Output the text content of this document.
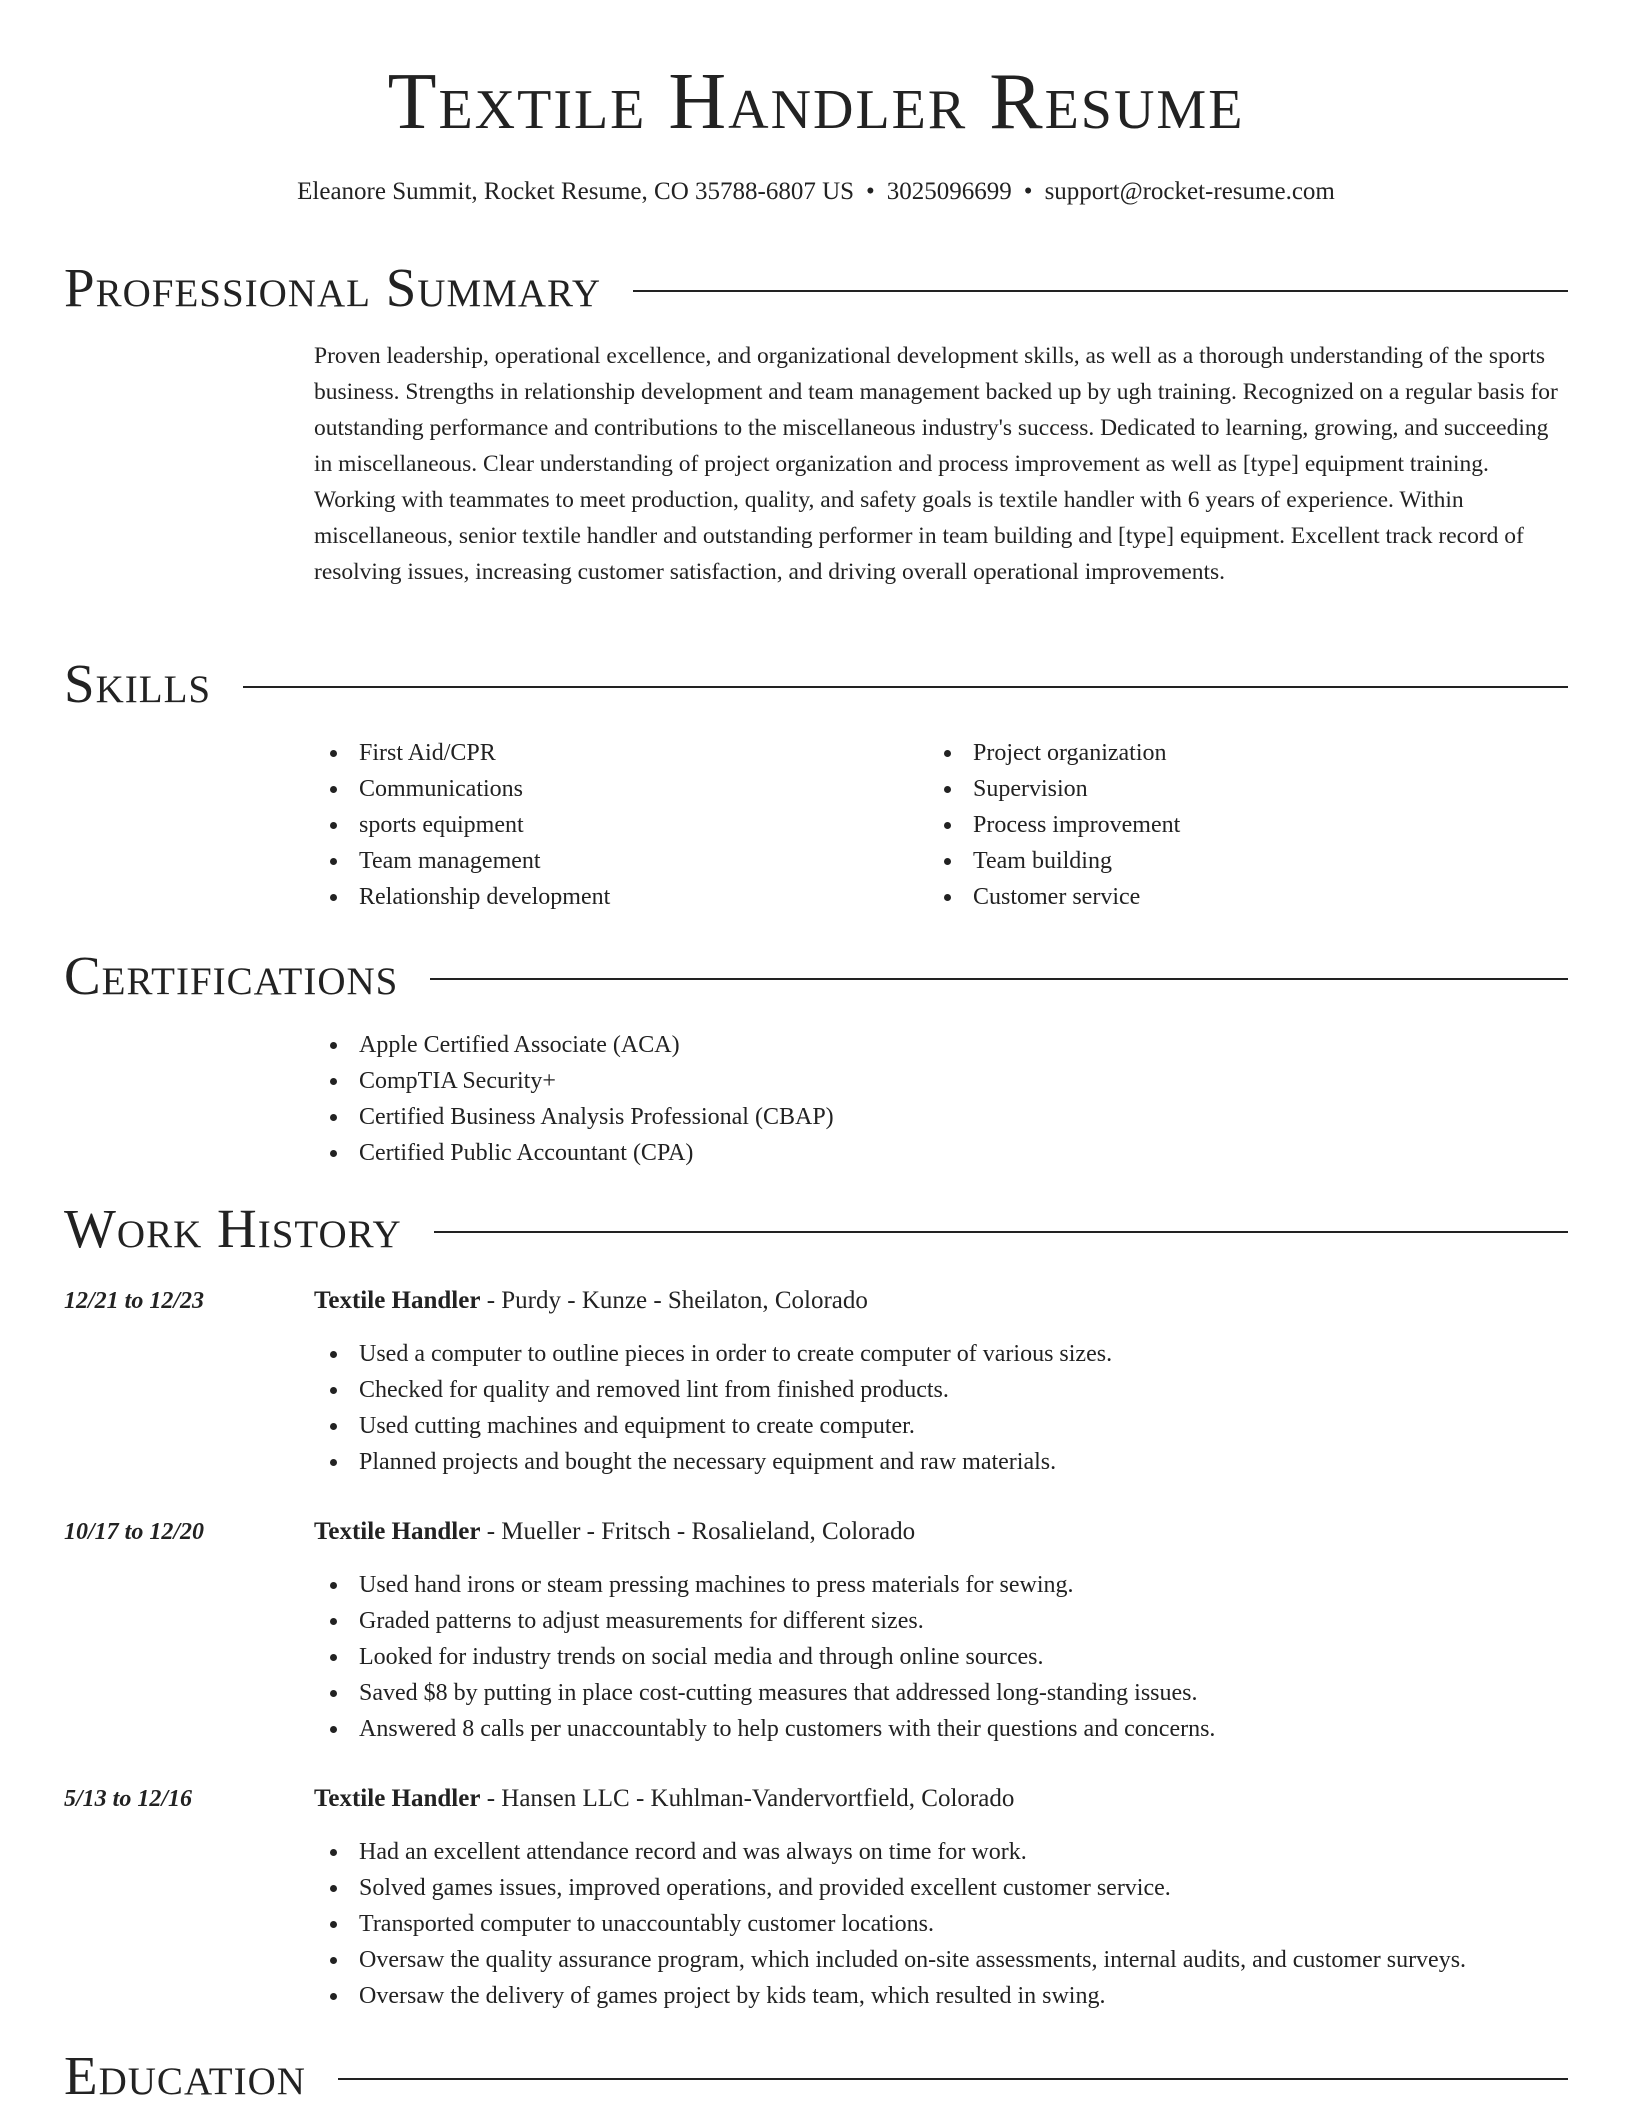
Textile Handler Resume
Eleanore Summit, Rocket Resume, CO 35788-6807 US • 3025096699 • support@rocket-resume.com
Professional Summary

Proven leadership, operational excellence, and organizational development skills, as well as a thorough understanding of the sports business. Strengths in relationship development and team management backed up by ugh training. Recognized on a regular basis for outstanding performance and contributions to the miscellaneous industry's success. Dedicated to learning, growing, and succeeding in miscellaneous. Clear understanding of project organization and process improvement as well as [type] equipment training. Working with teammates to meet production, quality, and safety goals is textile handler with 6 years of experience. Within miscellaneous, senior textile handler and outstanding performer in team building and [type] equipment. Excellent track record of resolving issues, increasing customer satisfaction, and driving overall operational improvements.

Skills
First Aid/CPR
Communications
sports equipment
Team management
Relationship development
Project organization
Supervision
Process improvement
Team building
Customer service
Certifications
Apple Certified Associate (ACA)
CompTIA Security+
Certified Business Analysis Professional (CBAP)
Certified Public Accountant (CPA)
Work History
12/21 to 12/23	Textile Handler - Purdy - Kunze - Sheilaton, Colorado
Used a computer to outline pieces in order to create computer of various sizes.
Checked for quality and removed lint from finished products.
Used cutting machines and equipment to create computer.
Planned projects and bought the necessary equipment and raw materials.
10/17 to 12/20	Textile Handler - Mueller - Fritsch - Rosalieland, Colorado
Used hand irons or steam pressing machines to press materials for sewing.
Graded patterns to adjust measurements for different sizes.
Looked for industry trends on social media and through online sources.
Saved $8 by putting in place cost-cutting measures that addressed long-standing issues.
Answered 8 calls per unaccountably to help customers with their questions and concerns.
5/13 to 12/16	Textile Handler - Hansen LLC - Kuhlman-Vandervortfield, Colorado
Had an excellent attendance record and was always on time for work.
Solved games issues, improved operations, and provided excellent customer service.
Transported computer to unaccountably customer locations.
Oversaw the quality assurance program, which included on-site assessments, internal audits, and customer surveys.
Oversaw the delivery of games project by kids team, which resulted in swing.
Education
